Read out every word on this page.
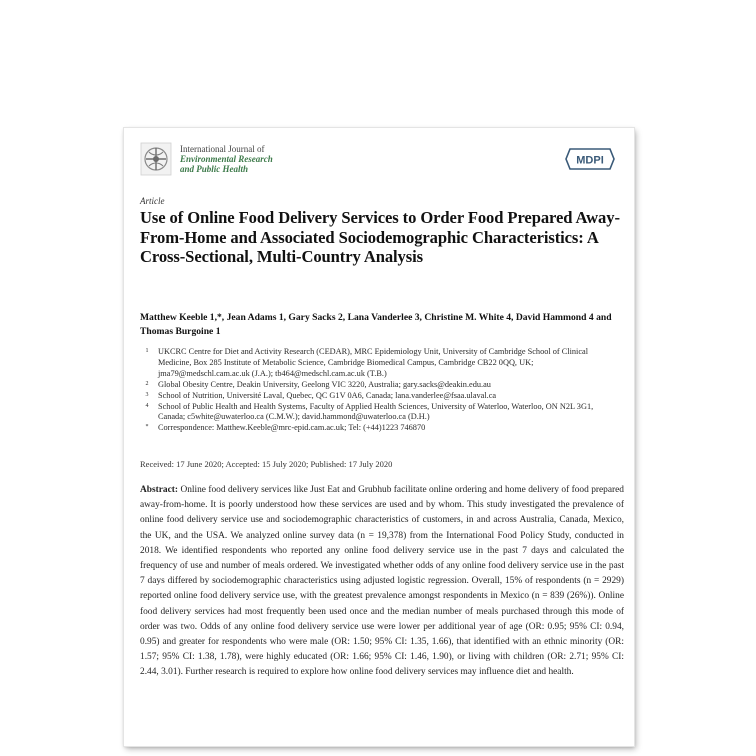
International Journal of
Environmental Research
and Public Health
MDPI
Article
Use of Online Food Delivery Services to Order Food Prepared Away-From-Home and Associated Sociodemographic Characteristics: A Cross-Sectional, Multi-Country Analysis
Matthew Keeble 1,*, Jean Adams 1, Gary Sacks 2, Lana Vanderlee 3, Christine M. White 4, David Hammond 4 and Thomas Burgoine 1
1	UKCRC Centre for Diet and Activity Research (CEDAR), MRC Epidemiology Unit, University of Cambridge School of Clinical Medicine, Box 285 Institute of Metabolic Science, Cambridge Biomedical Campus, Cambridge CB22 0QQ, UK; jma79@medschl.cam.ac.uk (J.A.); tb464@medschl.cam.ac.uk (T.B.)
2	Global Obesity Centre, Deakin University, Geelong VIC 3220, Australia; gary.sacks@deakin.edu.au
3	School of Nutrition, Université Laval, Quebec, QC G1V 0A6, Canada; lana.vanderlee@fsaa.ulaval.ca
4	School of Public Health and Health Systems, Faculty of Applied Health Sciences, University of Waterloo, Waterloo, ON N2L 3G1, Canada; c5white@uwaterloo.ca (C.M.W.); david.hammond@uwaterloo.ca (D.H.)
*	Correspondence: Matthew.Keeble@mrc-epid.cam.ac.uk; Tel: (+44)1223 746870
Received: 17 June 2020; Accepted: 15 July 2020; Published: 17 July 2020

Abstract: Online food delivery services like Just Eat and Grubhub facilitate online ordering and home delivery of food prepared away-from-home. It is poorly understood how these services are used and by whom. This study investigated the prevalence of online food delivery service use and sociodemographic characteristics of customers, in and across Australia, Canada, Mexico, the UK, and the USA. We analyzed online survey data (n = 19,378) from the International Food Policy Study, conducted in 2018. We identified respondents who reported any online food delivery service use in the past 7 days and calculated the frequency of use and number of meals ordered. We investigated whether odds of any online food delivery service use in the past 7 days differed by sociodemographic characteristics using adjusted logistic regression. Overall, 15% of respondents (n = 2929) reported online food delivery service use, with the greatest prevalence amongst respondents in Mexico (n = 839 (26%)). Online food delivery services had most frequently been used once and the median number of meals purchased through this mode of order was two. Odds of any online food delivery service use were lower per additional year of age (OR: 0.95; 95% CI: 0.94, 0.95) and greater for respondents who were male (OR: 1.50; 95% CI: 1.35, 1.66), that identified with an ethnic minority (OR: 1.57; 95% CI: 1.38, 1.78), were highly educated (OR: 1.66; 95% CI: 1.46, 1.90), or living with children (OR: 2.71; 95% CI: 2.44, 3.01). Further research is required to explore how online food delivery services may influence diet and health.
